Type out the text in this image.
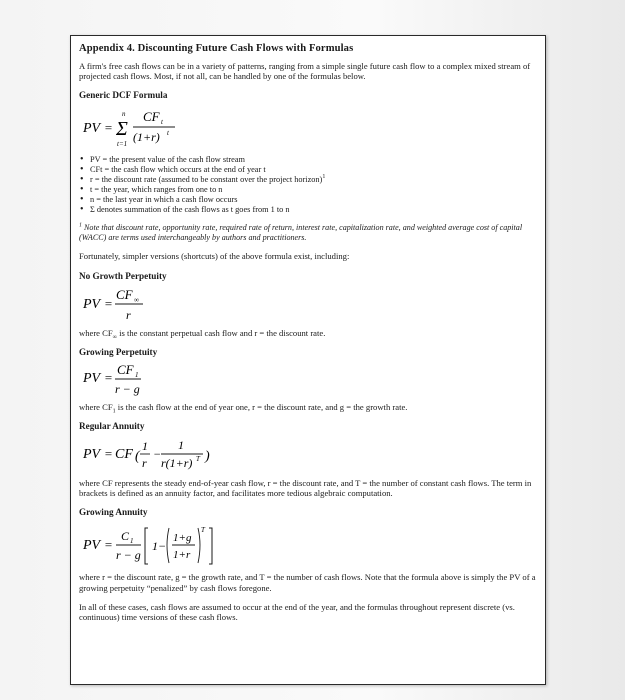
Appendix 4. Discounting Future Cash Flows with Formulas
A firm's free cash flows can be in a variety of patterns, ranging from a simple single future cash flow to a complex mixed stream of projected cash flows. Most, if not all, can be handled by one of the formulas below.
Generic DCF Formula
PV = Σ
n
t=1
CF t
(1+r) t
• PV = the present value of the cash flow stream
• CFt = the cash flow which occurs at the end of year t
• r = the discount rate (assumed to be constant over the project horizon)$^1$
• t = the year, which ranges from one to n
• n = the last year in which a cash flow occurs
• Σ denotes summation of the cash flows as t goes from 1 to n
$^1$ Note that discount rate, opportunity rate, required rate of return, interest rate, capitalization rate, and weighted average cost of capital (WACC) are terms used interchangeably by authors and practitioners.
Fortunately, simpler versions (shortcuts) of the above formula exist, including:
No Growth Perpetuity
PV =
CF ∞
r
where $CF_\infty$ is the constant perpetual cash flow and r = the discount rate.
Growing Perpetuity
PV =
CF 1
r − g
where $CF_1$ is the cash flow at the end of year one, r = the discount rate, and g = the growth rate.
Regular Annuity
PV = CF (
1
r
−
1
r(1+r) T )
where CF represents the steady end-of-year cash flow, r = the discount rate, and T = the number of constant cash flows. The term in brackets is defined as an annuity factor, and facilitates more tedious algebraic computation.
Growing Annuity
PV =
C 1
r − g
1−
1+g
1+r
T
where r = the discount rate, g = the growth rate, and T = the number of cash flows. Note that the formula above is simply the PV of a growing perpetuity “penalized” by cash flows foregone.
In all of these cases, cash flows are assumed to occur at the end of the year, and the formulas throughout represent discrete (vs. continuous) time versions of these cash flows.
